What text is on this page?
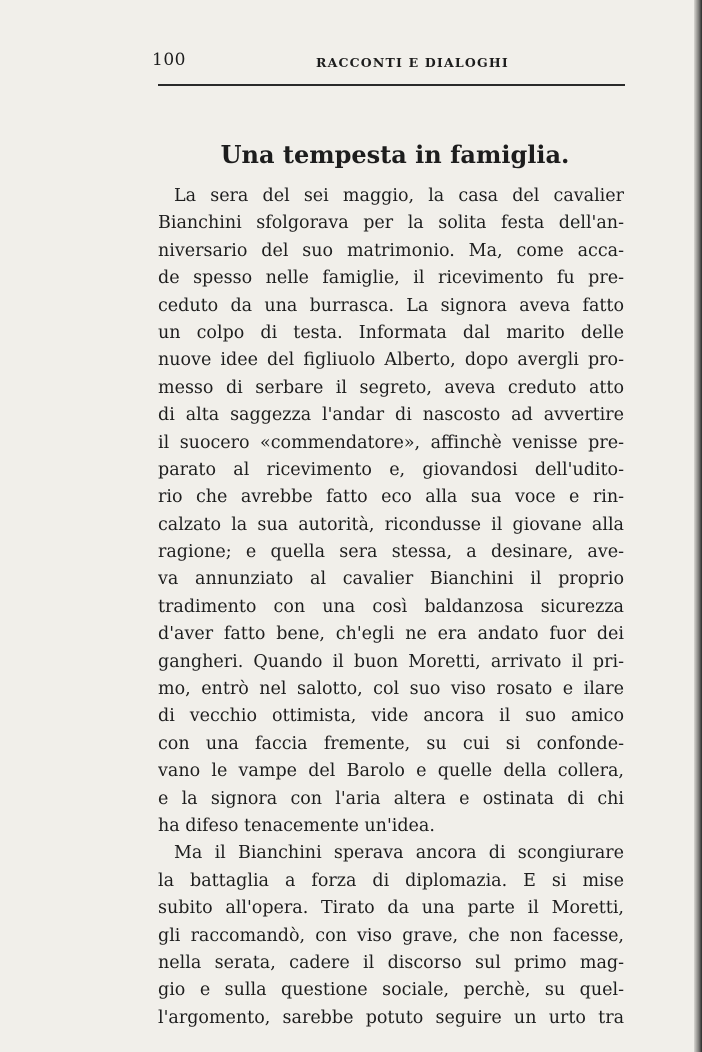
100	RACCONTI E DIALOGHI
Una tempesta in famiglia.
La sera del sei maggio, la casa del cavalier
Bianchini sfolgorava per la solita festa dell'an-
niversario del suo matrimonio. Ma, come acca-
de spesso nelle famiglie, il ricevimento fu pre-
ceduto da una burrasca. La signora aveva fatto
un colpo di testa. Informata dal marito delle
nuove idee del figliuolo Alberto, dopo avergli pro-
messo di serbare il segreto, aveva creduto atto
di alta saggezza l'andar di nascosto ad avvertire
il suocero «commendatore», affinchè venisse pre-
parato al ricevimento e, giovandosi dell'udito-
rio che avrebbe fatto eco alla sua voce e rin-
calzato la sua autorità, ricondusse il giovane alla
ragione; e quella sera stessa, a desinare, ave-
va annunziato al cavalier Bianchini il proprio
tradimento con una così baldanzosa sicurezza
d'aver fatto bene, ch'egli ne era andato fuor dei
gangheri. Quando il buon Moretti, arrivato il pri-
mo, entrò nel salotto, col suo viso rosato e ilare
di vecchio ottimista, vide ancora il suo amico
con una faccia fremente, su cui si confonde-
vano le vampe del Barolo e quelle della collera,
e la signora con l'aria altera e ostinata di chi
ha difeso tenacemente un'idea.
Ma il Bianchini sperava ancora di scongiurare
la battaglia a forza di diplomazia. E si mise
subito all'opera. Tirato da una parte il Moretti,
gli raccomandò, con viso grave, che non facesse,
nella serata, cadere il discorso sul primo mag-
gio e sulla questione sociale, perchè, su quel-
l'argomento, sarebbe potuto seguire un urto tra
